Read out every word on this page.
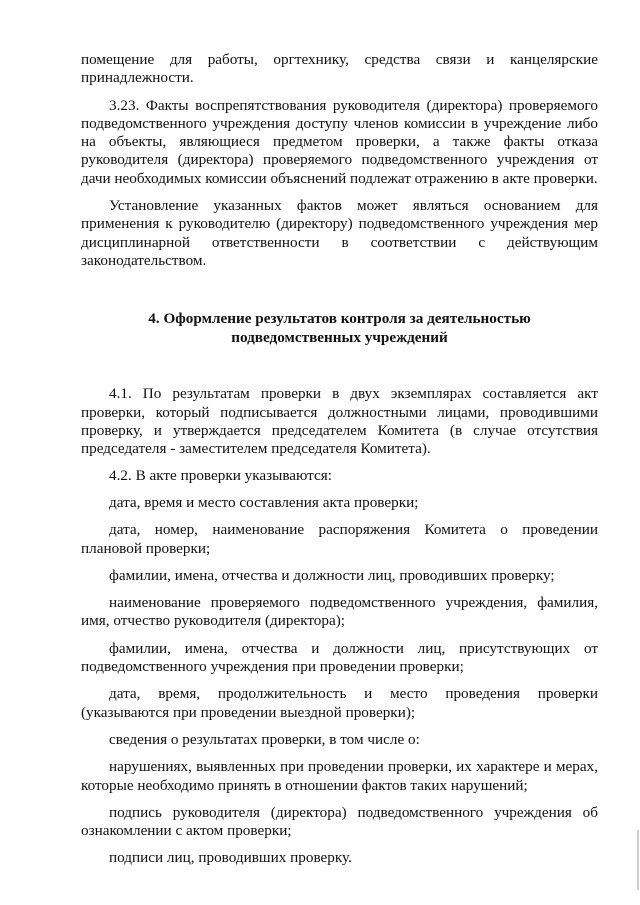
помещение для работы, оргтехнику, средства связи и канцелярские принадлежности.

3.23. Факты воспрепятствования руководителя (директора) проверяемого подведомственного учреждения доступу членов комиссии в учреждение либо на объекты, являющиеся предметом проверки, а также факты отказа руководителя (директора) проверяемого подведомственного учреждения от дачи необходимых комиссии объяснений подлежат отражению в акте проверки.

Установление указанных фактов может являться основанием для применения к руководителю (директору) подведомственного учреждения мер дисциплинарной ответственности в соответствии с действующим законодательством.

4. Оформление результатов контроля за деятельностью
подведомственных учреждений

4.1. По результатам проверки в двух экземплярах составляется акт проверки, который подписывается должностными лицами, проводившими проверку, и утверждается председателем Комитета (в случае отсутствия председателя - заместителем председателя Комитета).

4.2. В акте проверки указываются:

дата, время и место составления акта проверки;

дата, номер, наименование распоряжения Комитета о проведении плановой проверки;

фамилии, имена, отчества и должности лиц, проводивших проверку;

наименование проверяемого подведомственного учреждения, фамилия, имя, отчество руководителя (директора);

фамилии, имена, отчества и должности лиц, присутствующих от подведомственного учреждения при проведении проверки;

дата, время, продолжительность и место проведения проверки (указываются при проведении выездной проверки);

сведения о результатах проверки, в том числе о:

нарушениях, выявленных при проведении проверки, их характере и мерах, которые необходимо принять в отношении фактов таких нарушений;

подпись руководителя (директора) подведомственного учреждения об ознакомлении с актом проверки;

подписи лиц, проводивших проверку.
